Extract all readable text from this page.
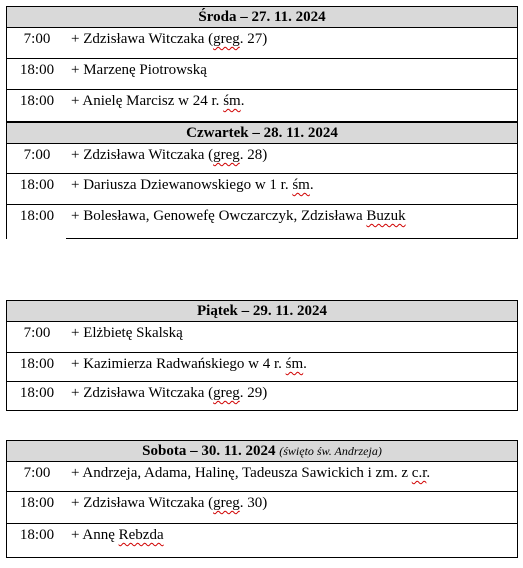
Środa – 27. 11. 2024
7:00	+ Zdzisława Witczaka (greg. 27)
18:00	+ Marzenę Piotrowską
18:00	+ Anielę Marcisz w 24 r. śm.
Czwartek – 28. 11. 2024
7:00	+ Zdzisława Witczaka (greg. 28)
18:00	+ Dariusza Dziewanowskiego w 1 r. śm.
18:00	+ Bolesława, Genowefę Owczarczyk, Zdzisława Buzuk
Piątek – 29. 11. 2024
7:00	+ Elżbietę Skalską
18:00	+ Kazimierza Radwańskiego w 4 r. śm.
18:00	+ Zdzisława Witczaka (greg. 29)
Sobota – 30. 11. 2024 (święto św. Andrzeja)
7:00	+ Andrzeja, Adama, Halinę, Tadeusza Sawickich i zm. z c.r.
18:00	+ Zdzisława Witczaka (greg. 30)
18:00	+ Annę Rebzda
